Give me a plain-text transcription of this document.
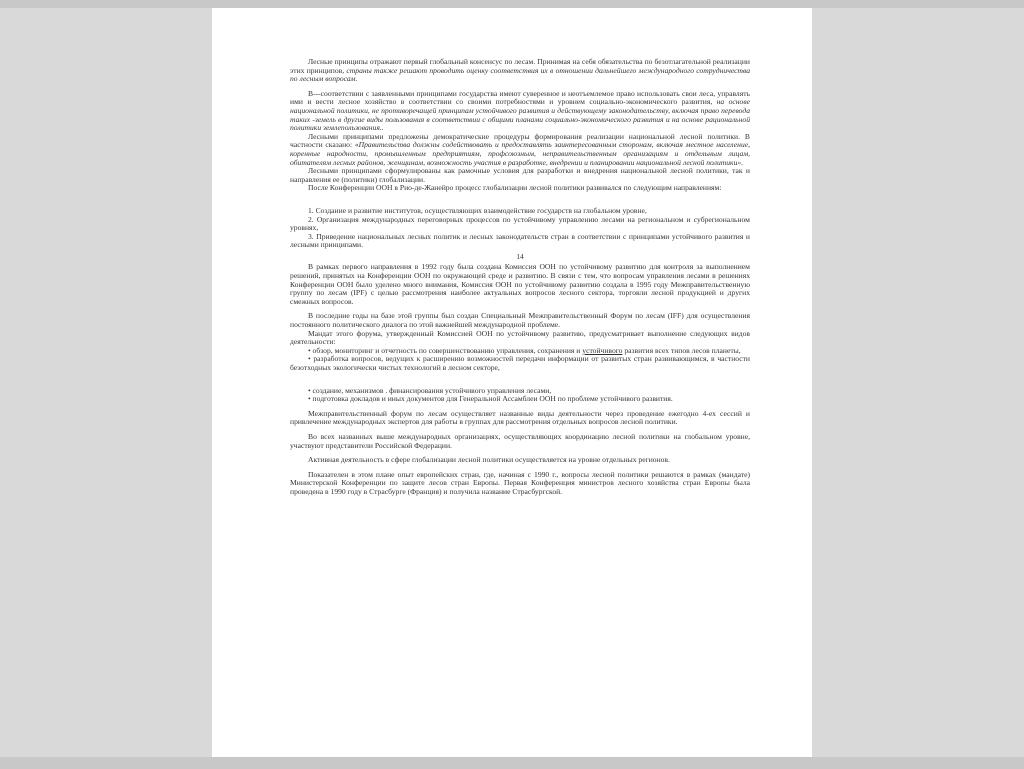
Лесные принципы отражают первый глобальный консенсус по лесам. Принимая на себя обязательства по безотлагательной реализации этих принципов, страны также решают проводить оценку соответствия их в отношении дальнейшего международного сотрудничества по лесным вопросам.

В---соответствии с заявленными принципами государства имеют суверенное и неотъемлемое право использовать свои леса, управлять ими и вести лесное хозяйство в соответствии со своими потребностями и уровнем социально-экономического развития, на основе национальной политики, не противоречащей принципам устойчивого развития и действующему законодательству, включая право перевода таких -земель в другие виды пользования в соответствии с общими планами социально-экономического развития и на основе рациональной политики землепользования..

Лесными принципами предложены демократические процедуры формирования реализации национальной лесной политики. В частности сказано: «Правительства должны содействовать и предоставлять заинтересованным сторонам, включая местное население, коренные народности, промышленным предприятиям, профсоюзным, неправительственным организациям и отдельным лицам, обитателям лесных районов, женщинам, возможность участия в разработке, внедрении и планировании национальной лесной политики».

Лесными принципами сформулированы как рамочные условия для разработки и внедрения национальной лесной политики, так и направления ее (политики) глобализации.

После Конференции ООН в Рио-де-Жанейро процесс глобализации лесной политики развивался по следующим направлениям:

1. Создание и развитие институтов, осуществляющих взаимодействие государств на глобальном уровне,

2. Организация международных переговорных процессов по устойчивому управлению лесами на региональном и субрегиональном уровнях,

3. Приведение национальных лесных политик и лесных законодательств стран в соответствии с принципами устойчивого развития и лесными принципами.

14

В рамках первого направления в 1992 году была создана Комиссия ООН по устойчивому развитию для контроля за выполнением решений, принятых на Конференции ООН по окружающей среде и развитию. В связи с тем, что вопросам управления лесами в решениях Конференции ООН было уделено много внимания, Комиссия ООН по устойчивому развитию создала в 1995 году Межправительственную группу по лесам (IPF) с целью рассмотрения наиболее актуальных вопросов лесного сектора, торговли лесной продукцией и других смежных вопросов.

В последние годы на базе этой группы был создан Специальный Межправительственный Форум по лесам (IFF) для осуществления постоянного политического диалога по этой важнейшей международной проблеме.

Мандат этого форума, утвержденный Комиссией ООН по устойчивому развитию, предусматривает выполнение следующих видов деятельности:

• обзор, мониторинг и отчетность по совершенствованию управления, сохранения и устойчивого развития всех типов лесов планеты,

• разработка вопросов, ведущих к расширению возможностей передачи информации от развитых стран развивающимся, в частности безотходных экологически чистых технологий в лесном секторе,

• создание, механизмов . финансирования устойчивого управления лесами,

• подготовка докладов и иных документов для Генеральной Ассамблеи ООН по проблеме устойчивого развития.

Межправительственный форум по лесам осуществляет названные виды деятельности через проведение ежегодно 4-ех сессий и привлечение международных экспертов для работы в группах для рассмотрения отдельных вопросов лесной политики.

Во всех названных выше международных организациях, осуществляющих координацию лесной политики на глобальном уровне, участвуют представители Российской Федерации.

Активная деятельность в сфере глобализации лесной политики осуществляется на уровне отдельных регионов.

Показателен в этом плане опыт европейских стран, где, начиная с 1990 г., вопросы лесной политики решаются в рамках (мандате) Министерской Конференции по защите лесов стран Европы. Первая Конференция министров лесного хозяйства стран Европы была проведена в 1990 году в Страсбурге (Франция) и получила название Страсбургской.
